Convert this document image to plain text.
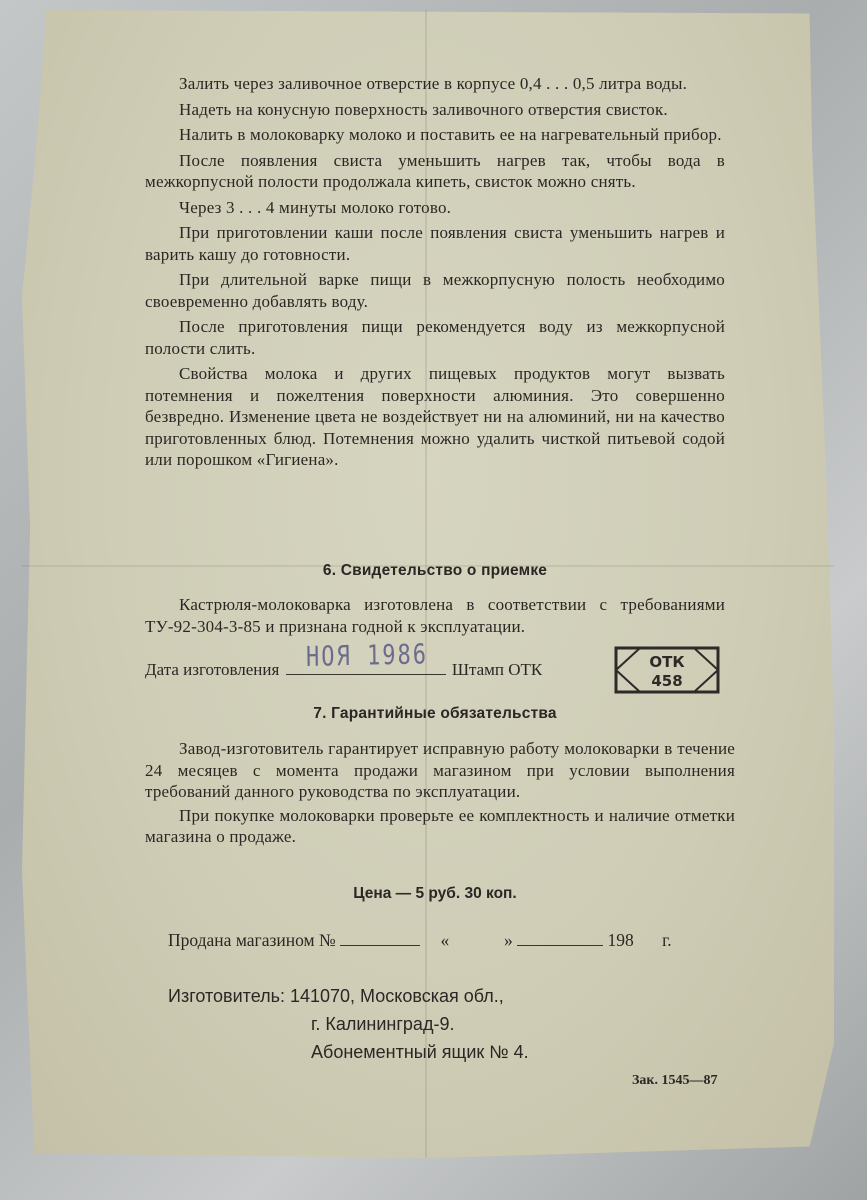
Залить через заливочное отверстие в корпусе 0,4 . . . 0,5 литра воды.

Надеть на конусную поверхность заливочного отверстия свисток.

Налить в молоковарку молоко и поставить ее на нагревательный прибор.

После появления свиста уменьшить нагрев так, чтобы вода в межкорпусной полости продолжала кипеть, свисток можно снять.

Через 3 . . . 4 минуты молоко готово.

При приготовлении каши после появления свиста уменьшить нагрев и варить кашу до готовности.

При длительной варке пищи в межкорпусную полость необходимо своевременно добавлять воду.

После приготовления пищи рекомендуется воду из межкорпусной полости слить.

Свойства молока и других пищевых продуктов могут вызвать потемнения и пожелтения поверхности алюминия. Это совершенно безвредно. Изменение цвета не воздействует ни на алюминий, ни на качество приготовленных блюд. Потемнения можно удалить чисткой питьевой содой или порошком «Гигиена».

6. Свидетельство о приемке

Кастрюля-молоковарка изготовлена в соответствии с требованиями ТУ-92-304-3-85 и признана годной к эксплуатации.

Дата изготовления НОЯ 1986 Штамп ОТК	ОТК
458
7. Гарантийные обязательства

Завод-изготовитель гарантирует исправную работу молоковарки в течение 24 месяцев с момента продажи магазином при условии выполнения требований данного руководства по эксплуатации.

При покупке молоковарки проверьте ее комплектность и наличие отметки магазина о продаже.

Цена — 5 руб. 30 коп.
Продана магазином №	«	»	198 г.
Изготовитель: 141070, Московская обл.,
г. Калининград-9.
Абонементный ящик № 4.
Зак. 1545—87
